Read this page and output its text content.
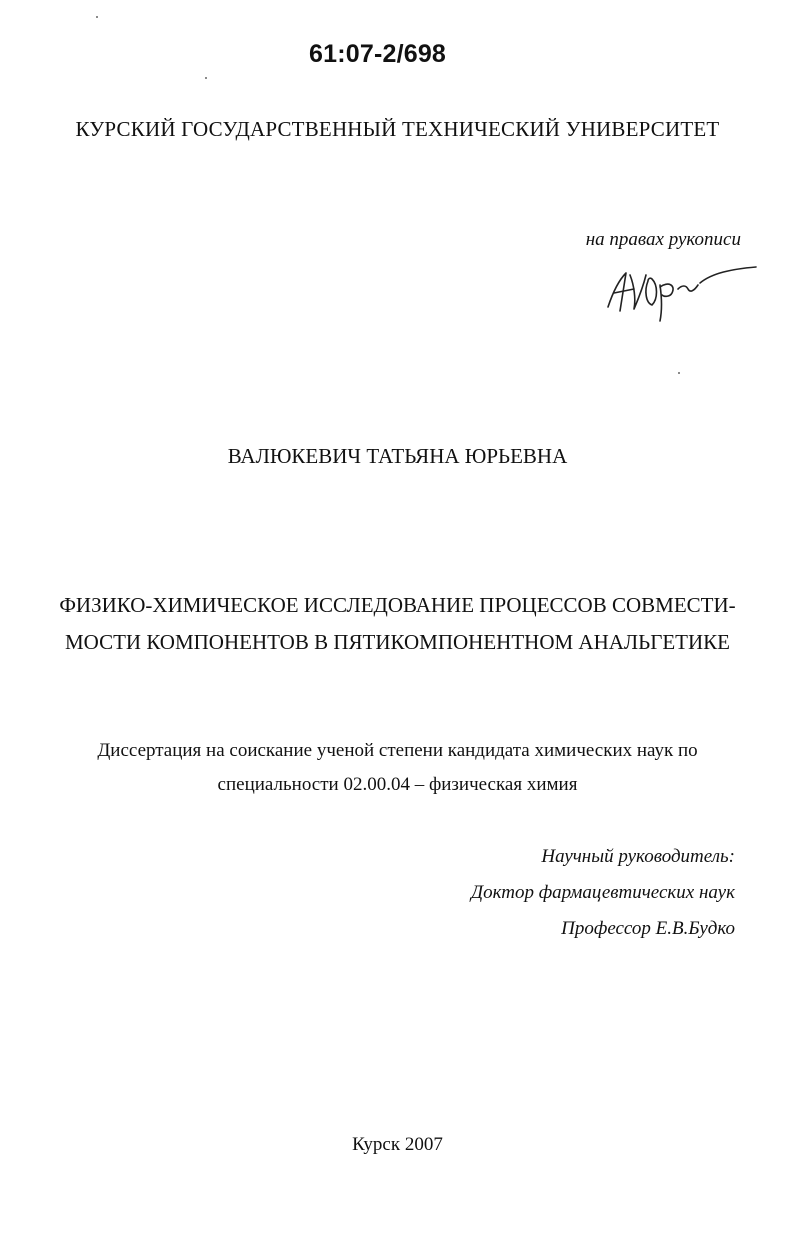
61:07-2/698
КУРСКИЙ ГОСУДАРСТВЕННЫЙ ТЕХНИЧЕСКИЙ УНИВЕРСИТЕТ
на правах рукописи
ВАЛЮКЕВИЧ ТАТЬЯНА ЮРЬЕВНА
ФИЗИКО-ХИМИЧЕСКОЕ ИССЛЕДОВАНИЕ ПРОЦЕССОВ СОВМЕСТИ-
МОСТИ КОМПОНЕНТОВ В ПЯТИКОМПОНЕНТНОМ АНАЛЬГЕТИКЕ
Диссертация на соискание ученой степени кандидата химических наук по
специальности 02.00.04 – физическая химия
Научный руководитель:
Доктор фармацевтических наук
Профессор Е.В.Будко
Курск 2007
